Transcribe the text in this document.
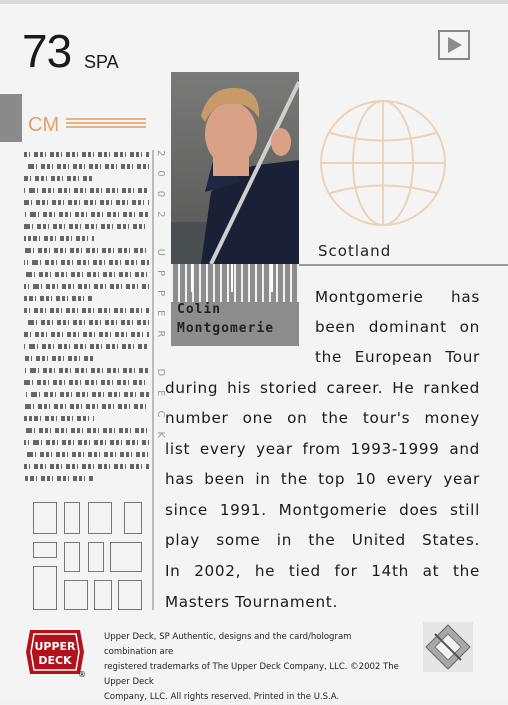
73 SPA
CM
2002 UPPER DECK	Scotland
Colin
Montgomerie
Montgomerie has
been dominant on
the European Tour
during his storied career. He ranked
number one on the tour's money
list every year from 1993-1999 and
has been in the top 10 every year
since 1991. Montgomerie does still
play some in the United States.
In 2002, he tied for 14th at the
Masters Tournament.
UPPER
DECK
®
Upper Deck, SP Authentic, designs and the card/hologram combination are
registered trademarks of The Upper Deck Company, LLC. ©2002 The Upper Deck
Company, LLC. All rights reserved. Printed in the U.S.A.
